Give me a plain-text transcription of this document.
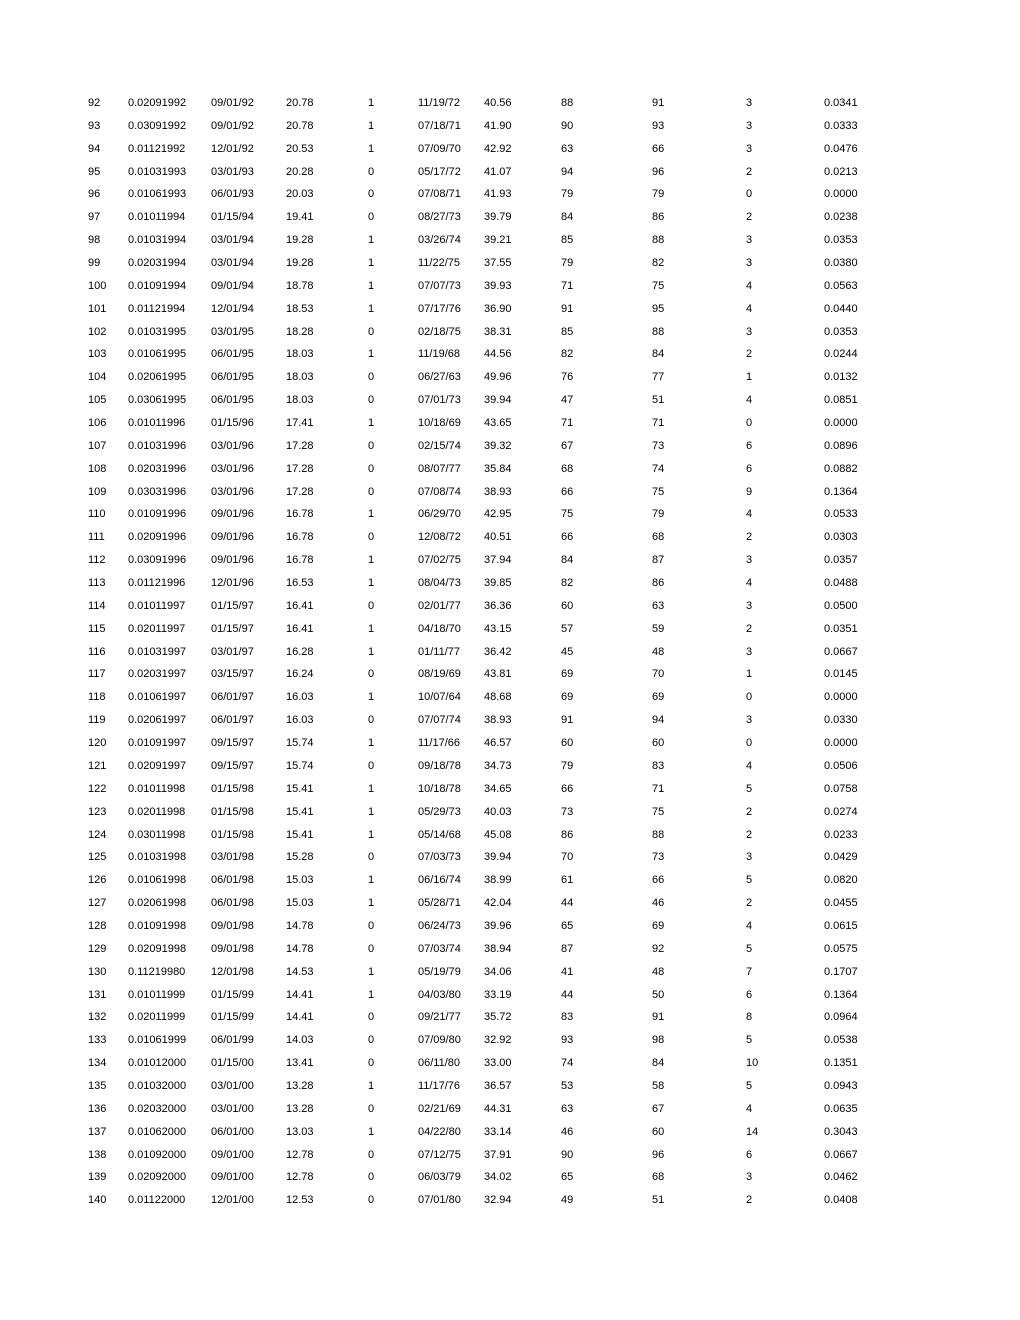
92	0.02091992 09/01/92	20.78	1	11/19/72 40.56	88	91	3	0.0341
93	0.03091992 09/01/92	20.78	1	07/18/71 41.90	90	93	3	0.0333
94	0.01121992 12/01/92	20.53	1	07/09/70 42.92	63	66	3	0.0476
95	0.01031993 03/01/93	20.28	0	05/17/72 41.07	94	96	2	0.0213
96	0.01061993 06/01/93	20.03	0	07/08/71 41.93	79	79	0	0.0000
97	0.01011994 01/15/94	19.41	0	08/27/73 39.79	84	86	2	0.0238
98	0.01031994 03/01/94	19.28	1	03/26/74 39.21	85	88	3	0.0353
99	0.02031994 03/01/94	19.28	1	11/22/75 37.55	79	82	3	0.0380
100 0.01091994 09/01/94	18.78	1	07/07/73 39.93	71	75	4	0.0563
101 0.01121994 12/01/94	18.53	1	07/17/76 36.90	91	95	4	0.0440
102 0.01031995 03/01/95	18.28	0	02/18/75 38.31	85	88	3	0.0353
103 0.01061995 06/01/95	18.03	1	11/19/68 44.56	82	84	2	0.0244
104 0.02061995 06/01/95	18.03	0	06/27/63 49.96	76	77	1	0.0132
105 0.03061995 06/01/95	18.03	0	07/01/73 39.94	47	51	4	0.0851
106 0.01011996 01/15/96	17.41	1	10/18/69 43.65	71	71	0	0.0000
107 0.01031996 03/01/96	17.28	0	02/15/74 39.32	67	73	6	0.0896
108 0.02031996 03/01/96	17.28	0	08/07/77 35.84	68	74	6	0.0882
109 0.03031996 03/01/96	17.28	0	07/08/74 38.93	66	75	9	0.1364
110 0.01091996 09/01/96	16.78	1	06/29/70 42.95	75	79	4	0.0533
111 0.02091996 09/01/96	16.78	0	12/08/72 40.51	66	68	2	0.0303
112 0.03091996 09/01/96	16.78	1	07/02/75 37.94	84	87	3	0.0357
113 0.01121996 12/01/96	16.53	1	08/04/73 39.85	82	86	4	0.0488
114 0.01011997 01/15/97	16.41	0	02/01/77 36.36	60	63	3	0.0500
115 0.02011997 01/15/97	16.41	1	04/18/70 43.15	57	59	2	0.0351
116 0.01031997 03/01/97	16.28	1	01/11/77 36.42	45	48	3	0.0667
117 0.02031997 03/15/97	16.24	0	08/19/69 43.81	69	70	1	0.0145
118 0.01061997 06/01/97	16.03	1	10/07/64 48.68	69	69	0	0.0000
119 0.02061997 06/01/97	16.03	0	07/07/74 38.93	91	94	3	0.0330
120 0.01091997 09/15/97	15.74	1	11/17/66 46.57	60	60	0	0.0000
121 0.02091997 09/15/97	15.74	0	09/18/78 34.73	79	83	4	0.0506
122 0.01011998 01/15/98	15.41	1	10/18/78 34.65	66	71	5	0.0758
123 0.02011998 01/15/98	15.41	1	05/29/73 40.03	73	75	2	0.0274
124 0.03011998 01/15/98	15.41	1	05/14/68 45.08	86	88	2	0.0233
125 0.01031998 03/01/98	15.28	0	07/03/73 39.94	70	73	3	0.0429
126 0.01061998 06/01/98	15.03	1	06/16/74 38.99	61	66	5	0.0820
127 0.02061998 06/01/98	15.03	1	05/28/71 42.04	44	46	2	0.0455
128 0.01091998 09/01/98	14.78	0	06/24/73 39.96	65	69	4	0.0615
129 0.02091998 09/01/98	14.78	0	07/03/74 38.94	87	92	5	0.0575
130 0.11219980 12/01/98	14.53	1	05/19/79 34.06	41	48	7	0.1707
131 0.01011999 01/15/99	14.41	1	04/03/80 33.19	44	50	6	0.1364
132 0.02011999 01/15/99	14.41	0	09/21/77 35.72	83	91	8	0.0964
133 0.01061999 06/01/99	14.03	0	07/09/80 32.92	93	98	5	0.0538
134 0.01012000 01/15/00	13.41	0	06/11/80 33.00	74	84	10	0.1351
135 0.01032000 03/01/00	13.28	1	11/17/76 36.57	53	58	5	0.0943
136 0.02032000 03/01/00	13.28	0	02/21/69 44.31	63	67	4	0.0635
137 0.01062000 06/01/00	13.03	1	04/22/80 33.14	46	60	14	0.3043
138 0.01092000 09/01/00	12.78	0	07/12/75 37.91	90	96	6	0.0667
139 0.02092000 09/01/00	12.78	0	06/03/79 34.02	65	68	3	0.0462
140 0.01122000 12/01/00	12.53	0	07/01/80 32.94	49	51	2	0.0408
